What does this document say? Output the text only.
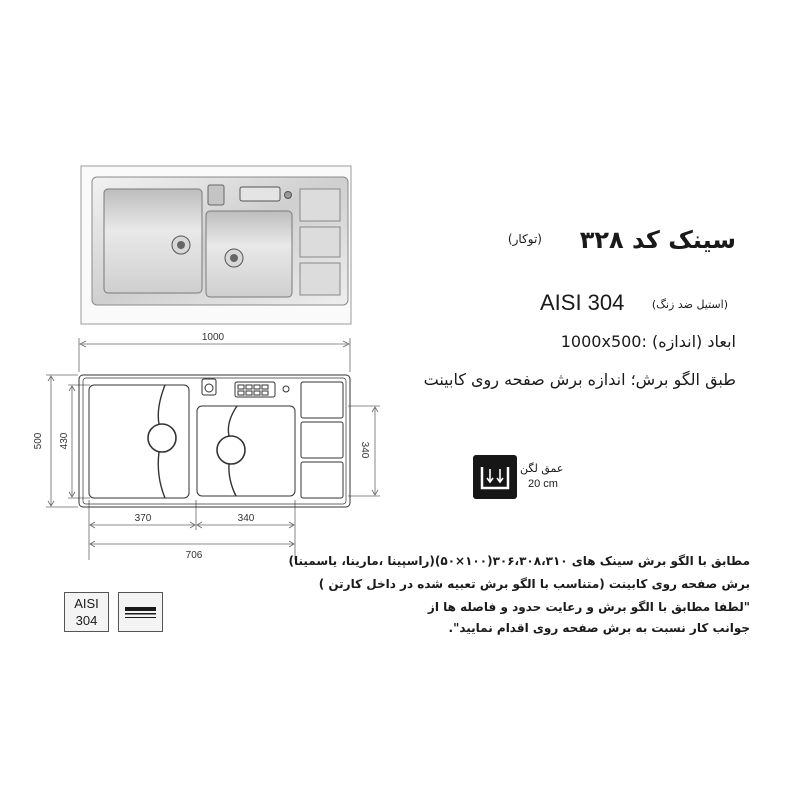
1000
500 430
340
370	340
706
سینک کد ۳۲۸
(توکار)
AISI 304	(استیل ضد زنگ)
1000x500: ابعاد (اندازه)
طبق الگو برش؛ اندازه برش صفحه روی کابینت
عمق لگن
20 cm
مطابق با الگو برش سینک های ۳۰۶،۳۰۸،۳۱۰(۱۰۰×۵۰)(راسپینا ،مارینا، یاسمینا)
برش صفحه روی کابینت (متناسب با الگو برش تعبیه شده در داخل کارتن )
"لطفا مطابق با الگو برش و رعایت حدود و فاصله ها از
جوانب کار نسبت به برش صفحه روی اقدام نمایید".
AISI
304
